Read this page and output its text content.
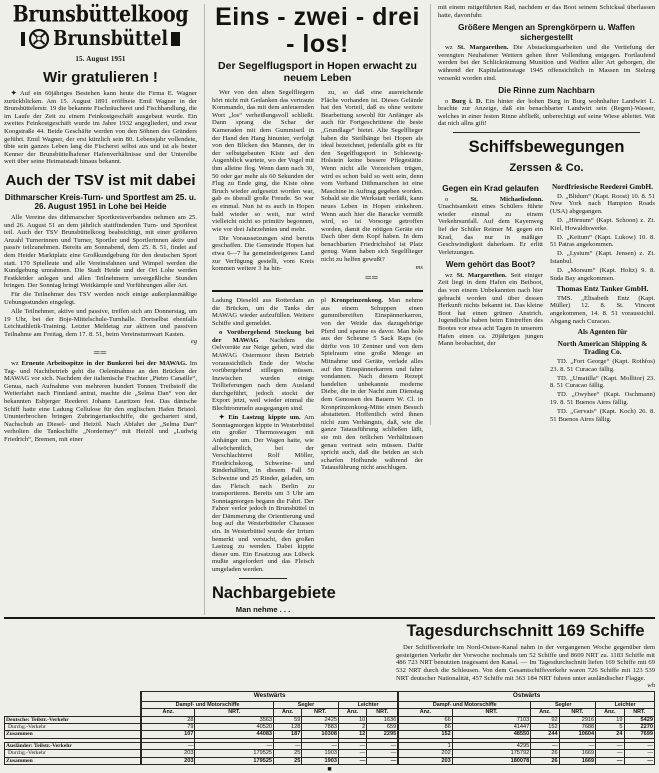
Brunsbüttelkoog
Brunsbüttel
15. August 1951
Wir gratulieren !

✦ Auf ein 60jähriges Bestehen kann heute die Firma E. Wagner zurückblicken. Am 15. August 1891 eröffnete Emil Wagner in der Brunsbüttelerstr. 19 die bekannte Fischräucherei und Fischhandlung, die im Laufe der Zeit zu einem Feinkostgeschäft ausgebaut wurde. Ein zweites Feinkostgeschäft wurde im Jahre 1932 angegliedert, und zwar Koogstraße 44. Beide Geschäfte werden von den Söhnen des Gründers geführt. Emil Wagner, der erst kürzlich sein 80. Lebensjahr vollendete, übte sein ganzes Leben lang die Fischerei selbst aus und ist als bester Kenner der Brunsbüttelhafener Hafenverhältnisse und der Unterelbe weit über seine Heimatstadt hinaus bekannt.

Auch der TSV ist mit dabei
Dithmarscher Kreis-Turn- und Sportfest am 25. u. 26. August 1951 in Lohe bei Heide

Alle Vereine des dithmarscher Sportkreisverbandes nehmen am 25. und 26. August 51 an dem jährlich stattfindenden Turn- und Sportfest teil. Auch der TSV Brunsbüttelkoog beabsichtigt, mit einer größeren Anzahl Turnerinnen und Turner, Sportler und Sportlerinnen aktiv und passiv teilzunehmen. Bereits am Sonnabend, dem 25. 8. 51, findet auf dem Heider Marktplatz eine Großkundgebung für den deutschen Sport statt. 170 Spielleute und alle Vereinsfahnen und Wimpel werden die Kundgebung umrahmen. Die Stadt Heide und der Ort Lohe werden Festkleider anlegen und allen Teilnehmern unvergeßliche Stunden bringen. Der Sonntag bringt Wettkämpfe und Vorführungen aller Art.

Für die Teilnehmer des TSV werden noch einige außerplanmäßige Uebungsstunden eingelegt.

Alle Teilnehmer, aktive und passive, treffen sich am Donnerstag, um 19 Uhr, bei der Boje-Mittelschule-Turnhalle. Dortselbst ebenfalls Leichtathletik-Training. Letzter Meldetag zur aktiven und passiven Teilnahme am Freitag, dem 17. 8. 51, beim Vereinsturnwart Kasten.
eg

══

wz Erneute Arbeitsspitze in der Bunkerei bei der MAWAG. Im Tag- und Nachtbetrieb geht die Oelentnahme an den Brücken der MAWAG vor sich. Nachdem der italienische Frachter „Pietro Canaille“, Genua, nach Aufnahme von mehreren hundert Tonnen Treibstoff die Weiterfahrt nach Finnland antrat, machte die „Selma Dan“ von der bekannten Esbjerger Reederei Johann Lauritzen fest. Das dänische Schiff hatte eine Ladung Cellulose für den englischen Hafen Bristol. Ununterbrochen bringen Zubringertankschiffe, die gechartert sind, Nachschub an Diesel- und Heizöl. Nach Abfahrt der „Selma Dan“ verholten die Tankschiffe „Norderney“ mit Heizöl und „Ludwig Friedrich“, Bremen, mit einer

Eins - zwei - drei - los!
Der Segelflugsport in Hopen erwacht zu neuem Leben

Wer von den alten Segelfliegern hört nicht mit Gedanken das vertraute Kommando, das mit dem anfeuernden Wort „los“ verheißungsvoll schließt. Dann sprang die Schar der Kameraden mit dem Gummiseil in der Hand den Hang hinunter, verfolgt von den Blicken des Mannes, der in der selbstgebauten Kiste auf den Augenblick wartete, wo der Vogel mit ihm alleine flog. Wenn dann nach 30, 50 oder gar mehr als 60 Sekunden der Flug zu Ende ging, die Kiste ohne Bruch wieder aufgesetzt worden war, gab es überall große Freude. So war es einmal. Nun ist es auch in Hopen bald wieder so weit, nur wird vielleicht nicht so primitiv begonnen, wie vor drei Jahrzehnten und mehr.

Die Voraussetzungen sind bereits geschaffen. Die Gemeinde Hopen hat etwa 6—7 ha gemeindeeigenes Land zur Verfügung gestellt, vom Kreis kommen weitere 3 ha hin-

zu, so daß eine ausreichende Fläche vorhanden ist. Dieses Gelände hat den Vorteil, daß es ohne weitere Bearbeitung sowohl für Anfänger als auch für Fortgeschrittene die beste „Grundlage“ bietet. Alte Segelflieger haben die Steilhänge bei Hopen als ideal bezeichnet, jedenfalls gibt es für den Segelflugsport in Schleswig-Holstein keine bessere Pflegestätte. Wenn nicht alle Vorzeichen trügen, wird es schon bald so weit sein, denn vom Verband Dithmarschen ist eine Maschine in Auftrag gegeben worden. Sobald sie die Werkstatt verläßt, kann neues Leben in Hopen einkehren. Wenn auch hier die Baracke vermißt wird, so ist Vorsorge getroffen worden, damit die nötigen Geräte ein Dach über dem Kopf haben. In dem benachbarten Friedrichshof ist Platz genug. Wann haben sich Segelflieger nicht zu helfen gewußt?
ms

══

Ladung Dieselöl aus Rotterdam an die Brücken, um die Tanks der MAWAG wieder aufzufüllen. Weitere Schiffe sind gemeldet.

o Vorübergehend Stockung bei der MAWAG Nachdem die Oelvorräte zur Neige gehen, wird die MAWAG Ostermoor ihren Betrieb voraussichtlich Ende der Woche vorübergehend stillegen müssen. Inzwischen wurden einige Teillieferungen nach dem Ausland durchgeführt, jedoch stockt der Export jetzt, weil wieder einmal die Blechtrommeln ausgegangen sind.

✦ Ein Lastzug kippte um. Am Sonntagmorgen kippte in Westerbüttel ein großer Thermoswagen mit Anhänger um. Der Wagen hatte, wie allwöchentlich, bei der Verschlachterei Rolf Möller, Friedrichskoog, Schweine- und Rinderhälften, in diesem Fall 50 Schweine und 25 Rinder, geladen, um das Fleisch nach Berlin zu transportieren. Bereits um 3 Uhr am Sonntagmorgen begann die Fahrt. Der Fahrer verlor jedoch in Brunsbüttel in der Dämmerung die Orientierung und bog auf die Westerbütteler Chaussee ein. In Westerbüttel wurde der Irrtum bemerkt und versucht, den großen Lastzug zu wenden. Dabei kippte dieser um. Ein Ersatzzug aus Lübeck mußte angefordert und das Fleisch umgeladen werden.

Nachbargebiete
Man nehme . . .

pl Kronprinzenkoog. Man nehme aus einem Schuppen einen gummibereiften Einspännerkarren, von der Weide das dazugehörige Pferd und spanne es davor. Man hole aus der Scheune 5 Sack Raps (es dürfte von 10 Zentner und von dem Spielraum eine große Menge an Mitnahme und Geräte, verlade alles auf den Einspännerkarren und fahre vondannen. Nach diesem Rezept handelten unbekannte moderne Diebe, die in der Nacht zum Dienstag dem Genossen des Bauern W. Cl. in Kronprinzenkoog-Mitte einen Besuch abstatteten. Hoffentlich wird ihnen nicht zum Verhängnis, daß, wie die ganze Tatausführung schließen läßt, sie mit den örtlichen Verhältnissen genau vertraut sein müssen. Dafür spricht auch, daß die beiden an sich scharfen Hofhunde während der Tatausführung nicht anschlugen.

mit einem mitgeführten Rad, nachdem er das Boot seinem Schicksal überlassen hatte, davonfuhr.

Größere Mengen an Sprengkörpern u. Waffen sichergestellt

wz St. Margarethen. Die Abstackungsarbeiten und die Vertiefung der verengten Neuhafener Wettern gehen ihrer Vollendung entgegen. Fortlaufend werden bei der Schlickräumung Munition und Waffen aller Art geborgen, die während der Kapitulationstage 1945 offensichtlich in Massen im Sielzug versenkt worden sind.

Die Rinne zum Nachbarn

o Burg i. D. Ein hinter der hohen Burg in Burg wohnhafter Landwirt L. brachte zur Anzeige, daß ein benachbarter Landwirt sein (Regen)-Wasser, welches in einer festen Rinne abfließt, unberechtigt auf seine Wiese ableitet. Wat dat nich allns gift!

Schiffsbewegungen
Zerssen & Co.
Gegen ein Krad gelaufen

o	St. Michaelisdonn. Unachtsamkeit eines Schülers führte wieder einmal zu einem Verkehrsunfall. Auf dem Kayenweg lief der Schüler Reimer M. gegen ein Krad, das nur in mäßiger Geschwindigkeit daherkam. Er erlitt Verletzungen.

Wem gehört das Boot?

wz St. Margarethen. Seit einiger Zeit liegt in dem Hafen ein Beiboot, das von einem Unbekannten nach hier gebracht worden und über dessen Herkunft nichts bekannt ist. Das kleine Boot hat einen grünen Anstrich. Jugendliche haben beim Eintreffen des Bootes vor etwa acht Tagen in unserem Hafen einen ca. 20jährigen jungen Mann beobachtet, der

Nordfriesische Reederei GmbH.

D. „Blidum“ (Kapt. Roost) 10. 8. 51 New York nach Hampton Roads (USA) abgegangen.

D. „Hörnum“ (Kapt. Schoon) z. Zt. Kiel, Howaldtswerke.

D. „Keitum“ (Kapt. Lukow) 10. 8. 51 Patras angekommen.

D. „Lystum“ (Kapt. Jensen) z. Zt. Istanbul.

D. „Morsum“ (Kapt. Holtz) 9. 8. Suda Bay angekommen.

Thomas Entz Tanker GmbH.

TMS. „Elisabeth Entz (Kapt. Müller) 12. 8. St. Vincent angekommen, 14. 8. 51 voraussichtl. Abgang nach Curacao.

Als Agenten für
North American Shipping & Trading Co.

TD. „Fort George“ (Kapt. Rothfos) 23. 8. 51 Curacao fällig.

TD. „Umatilla“ (Kapt. Mollitor) 23. 8. 51 Curacao fällig.

TD. „Owyhee“ (Kapt. Oschmann) 19. 8. 51 Buenos Aires fällig.

TD. „Gervais“ (Kapt. Koch) 26. 8. 51 Buenos Aires fällig.

Tagesdurchschnitt 169 Schiffe

Der Schiffsverkehr im Nord-Ostsee-Kanal nahm in der vergangenen Woche gegenüber dem gesteigerten Verkehr der Vorwoche nochmals um 52 Schiffe und 8609 NRT zu. 1183 Schiffe mit 486 723 NRT benutzten insgesamt den Kanal. — Im Tagesdurchschnitt liefen 169 Schiffe mit 69 532 NRT durch die Schleusen. Von dem Gesamtschiffsverkehr waren 726 Schiffe mit 123 539 NRT deutscher Nationalität, 457 Schiffe mit 363 184 NRT fuhren unter ausländischer Flagge.
wh

	Westwärts						Ostwärts					
	Dampf- und Motorschiffe		Segler		Leichter		Dampf- und Motorschiffe		Segler		Leichter	
	Anz.	NRT.	Anz.	NRT.	Anz.	NRT.	Anz.	NRT.	Anz.	NRT.	Anz.	NRT.
Deutsche: Teilstr.-Verkehr	28	3563	59	2425	10	1636	66	7103	92	2916	19	5429
Durchg.-Verkehr	79	40520	128	7883	2	659	86	41447	152	7688	5	2270
Zusammen	107	44083	187	10308	12	2295	152	48550	244	10604	24	7699

Ausländer: Teilstr.-Verkehr	—	—	—	—	—	—	1	4295	—	—	—	—
Durchg.-Verkehr	203	179525	25	1903	—	—	202	175792	26	1669	—	—
Zusammen	203	179525	25	1903	—	—	203	180078	26	1669	—	—
■
